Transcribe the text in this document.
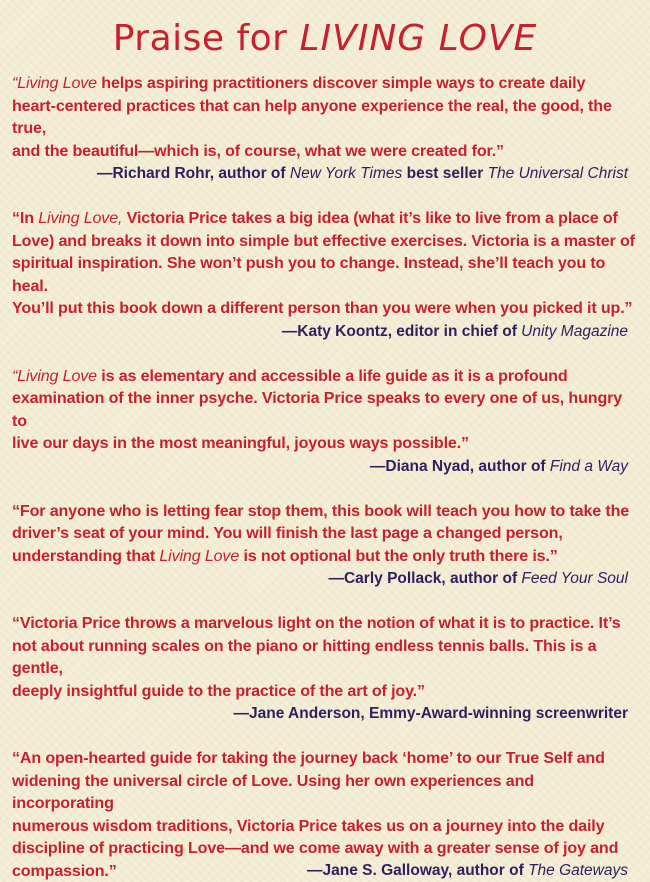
Praise for LIVING LOVE

“Living Love helps aspiring practitioners discover simple ways to create daily
heart-centered practices that can help anyone experience the real, the good, the true,
and the beautiful—which is, of course, what we were created for.”

—Richard Rohr, author of New York Times best seller The Universal Christ

“In Living Love, Victoria Price takes a big idea (what it’s like to live from a place of
Love) and breaks it down into simple but effective exercises. Victoria is a master of
spiritual inspiration. She won’t push you to change. Instead, she’ll teach you to heal.
You’ll put this book down a different person than you were when you picked it up.”

—Katy Koontz, editor in chief of Unity Magazine

“Living Love is as elementary and accessible a life guide as it is a profound
examination of the inner psyche. Victoria Price speaks to every one of us, hungry to
live our days in the most meaningful, joyous ways possible.”

—Diana Nyad, author of Find a Way

“For anyone who is letting fear stop them, this book will teach you how to take the
driver’s seat of your mind. You will finish the last page a changed person,
understanding that Living Love is not optional but the only truth there is.”

—Carly Pollack, author of Feed Your Soul

“Victoria Price throws a marvelous light on the notion of what it is to practice. It’s
not about running scales on the piano or hitting endless tennis balls. This is a gentle,
deeply insightful guide to the practice of the art of joy.”

—Jane Anderson, Emmy-Award-winning screenwriter

“An open-hearted guide for taking the journey back ‘home’ to our True Self and
widening the universal circle of Love. Using her own experiences and incorporating
numerous wisdom traditions, Victoria Price takes us on a journey into the daily
discipline of practicing Love—and we come away with a greater sense of joy and
compassion.”	—Jane S. Galloway, author of The Gateways
